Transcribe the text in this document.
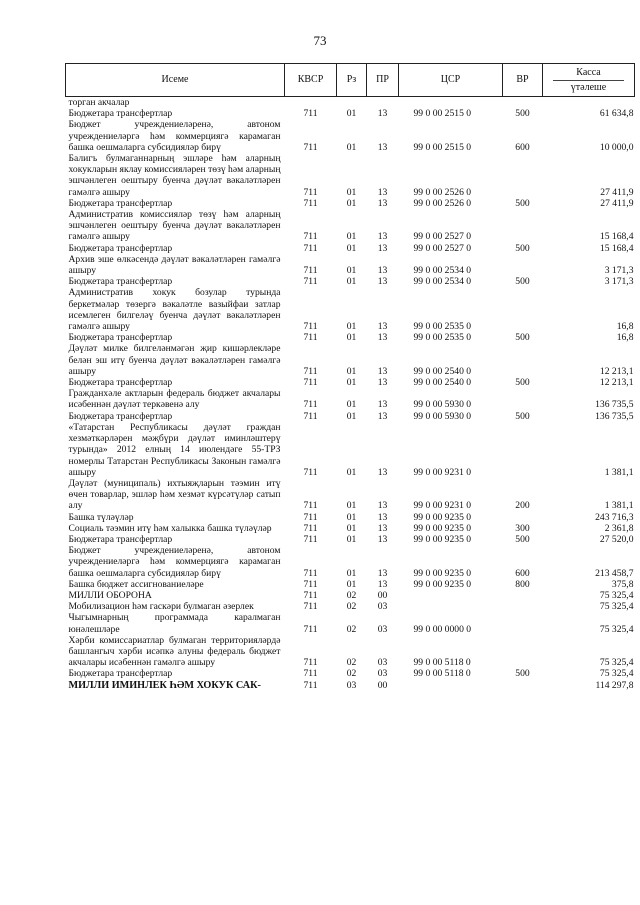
73
Исеме	КВСР	Рз	ПР	ЦСР	ВР	Касса
үтәлеше

торган акчалар						
Бюджетара трансфертлар	711	01	13	99 0 00 2515 0	500	61 634,8
Бюджет учреждениеләренә, автоном учреждениеләргә һәм коммерциягә карамаган башка оешмаларга субсидияләр бирү	711	01	13	99 0 00 2515 0	600	10 000,0
Балигъ булмаганнарның эшләре һәм аларның хокукларын яклау комиссияләрен төзү һәм аларның эшчәнлеген оештыру буенча дәүләт вәкаләтләрен гамәлгә ашыру	711	01	13	99 0 00 2526 0		27 411,9
Бюджетара трансфертлар	711	01	13	99 0 00 2526 0	500	27 411,9
Административ комиссияләр төзү һәм аларның эшчәнлеген оештыру буенча дәүләт вәкаләтләрен гамәлгә ашыру	711	01	13	99 0 00 2527 0		15 168,4
Бюджетара трансфертлар	711	01	13	99 0 00 2527 0	500	15 168,4
Архив эше өлкәсендә дәүләт вәкаләтләрен гамәлгә ашыру	711	01	13	99 0 00 2534 0		3 171,3
Бюджетара трансфертлар	711	01	13	99 0 00 2534 0	500	3 171,3
Административ хокук бозулар турында беркетмәләр төзергә вәкаләтле вазыйфаи затлар исемлеген билгеләү буенча дәүләт вәкаләтләрен гамәлгә ашыру	711	01	13	99 0 00 2535 0		16,8
Бюджетара трансфертлар	711	01	13	99 0 00 2535 0	500	16,8
Дәүләт милке билгеләнмәгән җир кишәрлекләре белән эш итү буенча дәүләт вәкаләтләрен гамәлгә ашыру	711	01	13	99 0 00 2540 0		12 213,1
Бюджетара трансфертлар	711	01	13	99 0 00 2540 0	500	12 213,1
Гражданхәле актларын федераль бюджет акчалары исәбеннән дәүләт теркәвенә алу	711	01	13	99 0 00 5930 0		136 735,5
Бюджетара трансфертлар	711	01	13	99 0 00 5930 0	500	136 735,5
«Татарстан Республикасы дәүләт граждан хезмәткәрләрен мәҗбүри дәүләт иминләштерү турында» 2012 елның 14 июлендәге 55-ТРЗ номерлы Татарстан Республикасы Законын гамәлгә ашыру	711	01	13	99 0 00 9231 0		1 381,1
Дәүләт (муниципаль) ихтыяҗларын тәэмин итү өчен товарлар, эшләр һәм хезмәт күрсәтүләр сатып алу	711	01	13	99 0 00 9231 0	200	1 381,1
Башка түләүләр	711	01	13	99 0 00 9235 0		243 716,3
Социаль тәэмин итү һәм халыкка башка түләүләр	711	01	13	99 0 00 9235 0	300	2 361,8
Бюджетара трансфертлар	711	01	13	99 0 00 9235 0	500	27 520,0
Бюджет учреждениеләренә, автоном учреждениеләргә һәм коммерциягә карамаган башка оешмаларга субсидияләр бирү	711	01	13	99 0 00 9235 0	600	213 458,7
Башка бюджет ассигнованиеләре	711	01	13	99 0 00 9235 0	800	375,8
МИЛЛИ ОБОРОНА	711	02	00			75 325,4
Мобилизацион һәм гаскәри булмаган әзерлек	711	02	03			75 325,4
Чыгымнарның программада каралмаган юнәлешләре	711	02	03	99 0 00 0000 0		75 325,4
Хәрби комиссариатлар булмаган территорияләрдә башлангыч хәрби исәпкә алуны федераль бюджет акчалары исәбеннән гамәлгә ашыру	711	02	03	99 0 00 5118 0		75 325,4
Бюджетара трансфертлар	711	02	03	99 0 00 5118 0	500	75 325,4
МИЛЛИ ИМИНЛЕК ҺӘМ ХОКУК САК-	711	03	00			114 297,8
